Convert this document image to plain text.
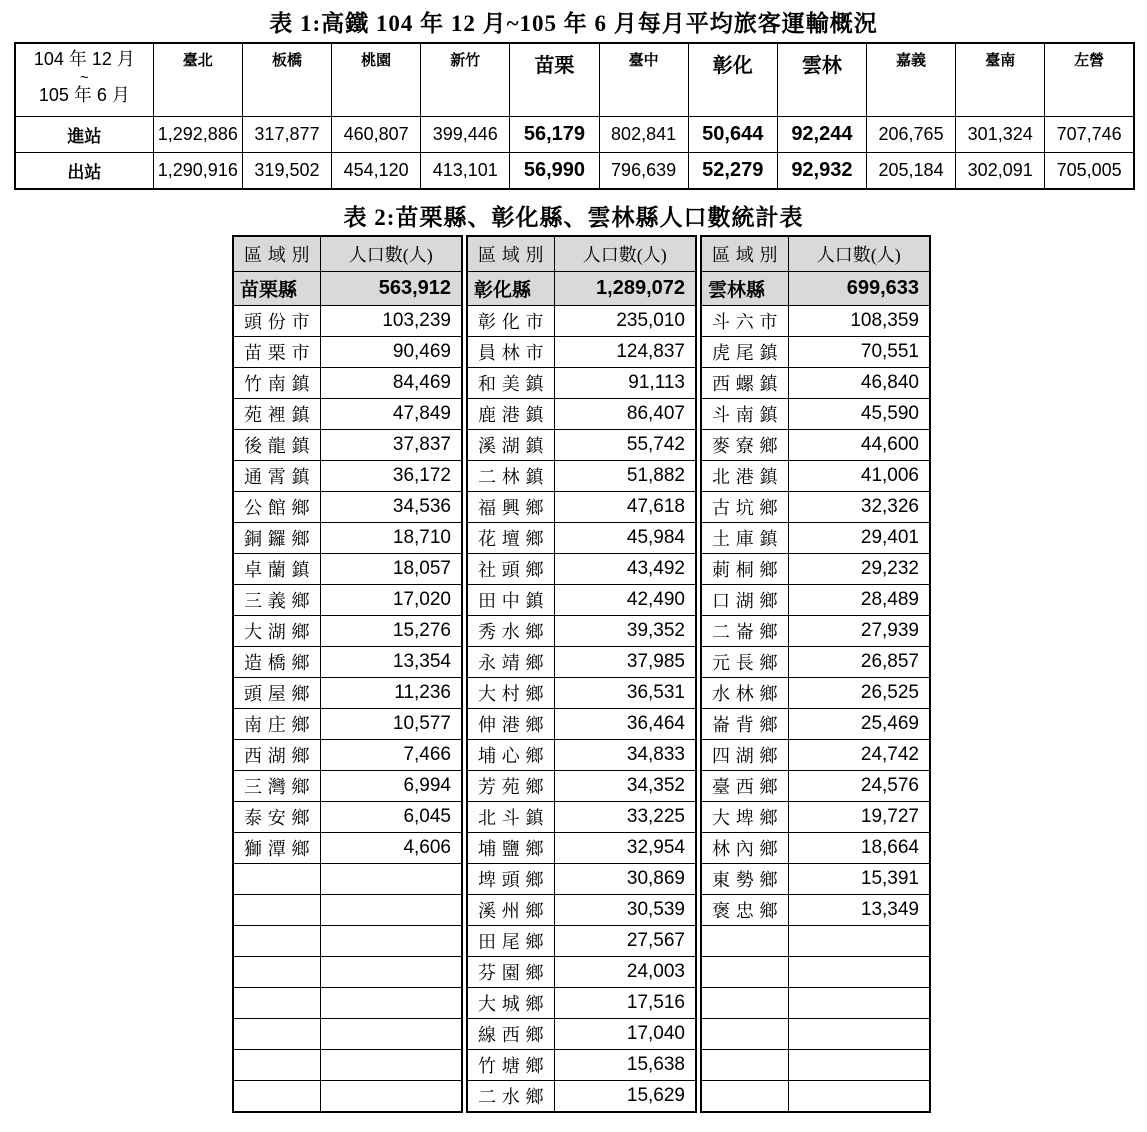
表 1:高鐵 104 年 12 月~105 年 6 月每月平均旅客運輸概況
104 年 12 月
~
105 年 6 月	臺北	板橋	桃園	新竹	苗栗	臺中	彰化	雲林	嘉義	臺南	左營
進站	1,292,886	317,877	460,807	399,446	56,179	802,841	50,644	92,244	206,765	301,324	707,746
出站	1,290,916	319,502	454,120	413,101	56,990	796,639	52,279	92,932	205,184	302,091	705,005
表 2:苗栗縣、彰化縣、雲林縣人口數統計表
區域別	人口數(人)
苗栗縣	563,912
頭份市	103,239
苗栗市	90,469
竹南鎮	84,469
苑裡鎮	47,849
後龍鎮	37,837
通霄鎮	36,172
公館鄉	34,536
銅鑼鄉	18,710
卓蘭鎮	18,057
三義鄉	17,020
大湖鄉	15,276
造橋鄉	13,354
頭屋鄉	11,236
南庄鄉	10,577
西湖鄉	7,466
三灣鄉	6,994
泰安鄉	6,045
獅潭鄉	4,606

區域別	人口數(人)
彰化縣	1,289,072
彰化市	235,010
員林市	124,837
和美鎮	91,113
鹿港鎮	86,407
溪湖鎮	55,742
二林鎮	51,882
福興鄉	47,618
花壇鄉	45,984
社頭鄉	43,492
田中鎮	42,490
秀水鄉	39,352
永靖鄉	37,985
大村鄉	36,531
伸港鄉	36,464
埔心鄉	34,833
芳苑鄉	34,352
北斗鎮	33,225
埔鹽鄉	32,954
埤頭鄉	30,869
溪州鄉	30,539
田尾鄉	27,567
芬園鄉	24,003
大城鄉	17,516
線西鄉	17,040
竹塘鄉	15,638
二水鄉	15,629
區域別	人口數(人)
雲林縣	699,633
斗六市	108,359
虎尾鎮	70,551
西螺鎮	46,840
斗南鎮	45,590
麥寮鄉	44,600
北港鎮	41,006
古坑鄉	32,326
土庫鎮	29,401
莿桐鄉	29,232
口湖鄉	28,489
二崙鄉	27,939
元長鄉	26,857
水林鄉	26,525
崙背鄉	25,469
四湖鄉	24,742
臺西鄉	24,576
大埤鄉	19,727
林內鄉	18,664
東勢鄉	15,391
褒忠鄉	13,349
